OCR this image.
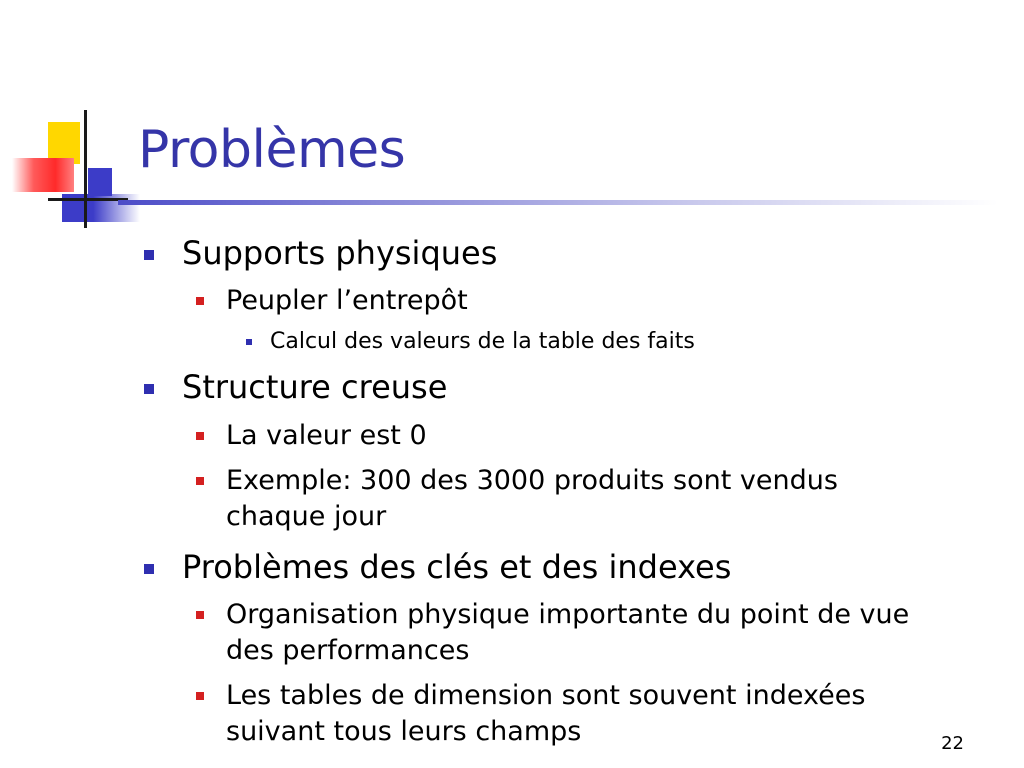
Problèmes
Supports physiques
Peupler l’entrepôt
Calcul des valeurs de la table des faits
Structure creuse
La valeur est 0
Exemple: 300 des 3000 produits sont vendus
chaque jour
Problèmes des clés et des indexes
Organisation physique importante du point de vue
des performances
Les tables de dimension sont souvent indexées
suivant tous leurs champs	22
